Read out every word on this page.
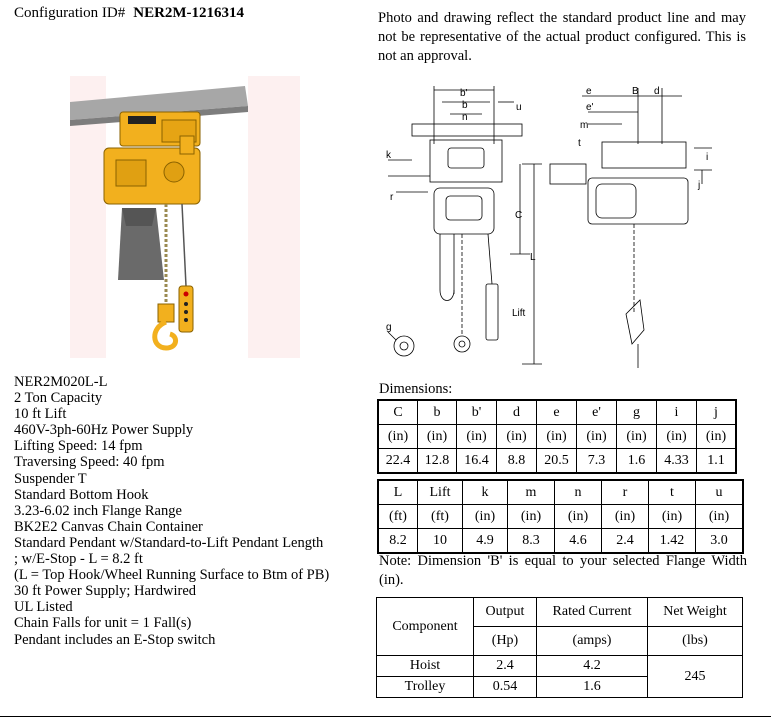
Configuration ID# NER2M-1216314	Photo and drawing reflect the standard product line and may not be representative of the actual product configured. This is not an approval.
b'
b
n
u
k
r
C
L
Lift
g
e
e'
m
t
B d
i
j
NER2M020L-L
2 Ton Capacity
10 ft Lift
460V-3ph-60Hz Power Supply
Lifting Speed: 14 fpm
Traversing Speed: 40 fpm
Suspender T
Standard Bottom Hook
3.23-6.02 inch Flange Range
BK2E2 Canvas Chain Container
Standard Pendant w/Standard-to-Lift Pendant Length
; w/E-Stop - L = 8.2 ft
(L = Top Hook/Wheel Running Surface to Btm of PB)
30 ft Power Supply; Hardwired
UL Listed
Chain Falls for unit = 1 Fall(s)
Pendant includes an E-Stop switch
Dimensions:
C	b	b'	d	e	e'	g	i	j
(in)	(in)	(in)	(in)	(in)	(in)	(in)	(in)	(in)
22.4	12.8	16.4	8.8	20.5	7.3	1.6	4.33	1.1
L	Lift	k	m	n	r	t	u
(ft)	(ft)	(in)	(in)	(in)	(in)	(in)	(in)
8.2	10	4.9	8.3	4.6	2.4	1.42	3.0
Note: Dimension 'B' is equal to your selected Flange Width (in).
Component	Output	Rated Current	Net Weight
	(Hp)	(amps)	(lbs)
Hoist	2.4	4.2	245
Trolley	0.54	1.6	
